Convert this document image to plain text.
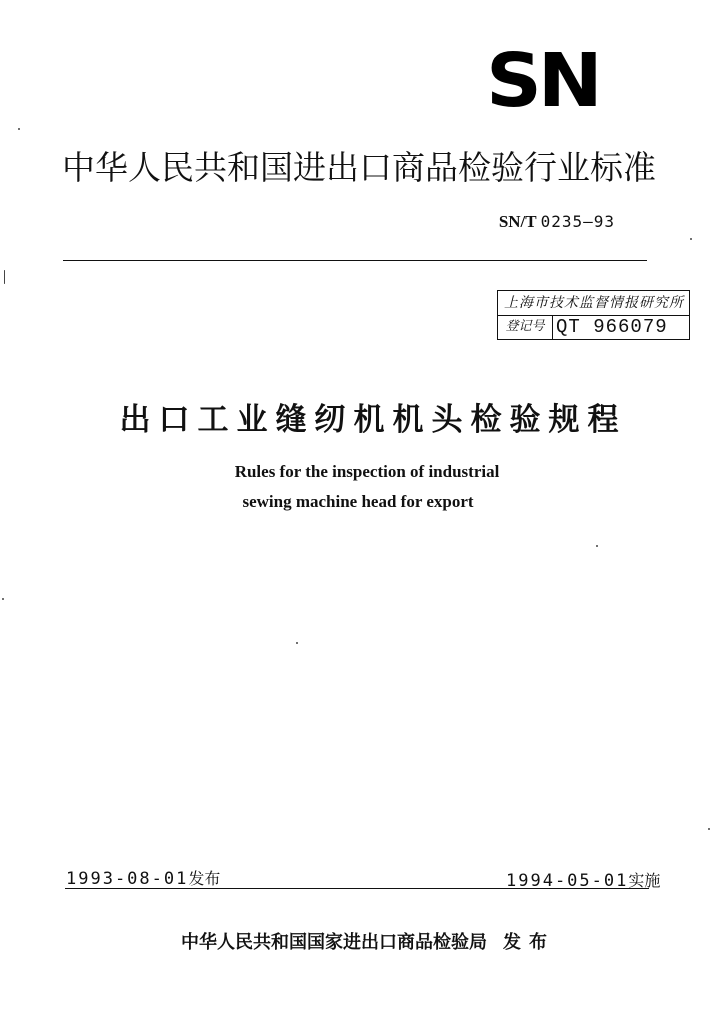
SN
中华人民共和国进出口商品检验行业标准
SN/T 0235—93
上海市技术监督情报研究所
登记号 QT 966079
出口工业缝纫机机头检验规程
Rules for the inspection of industrial
sewing machine head for export
1993-08-01发布	1994-05-01实施
中华人民共和国国家进出口商品检验局 发布
